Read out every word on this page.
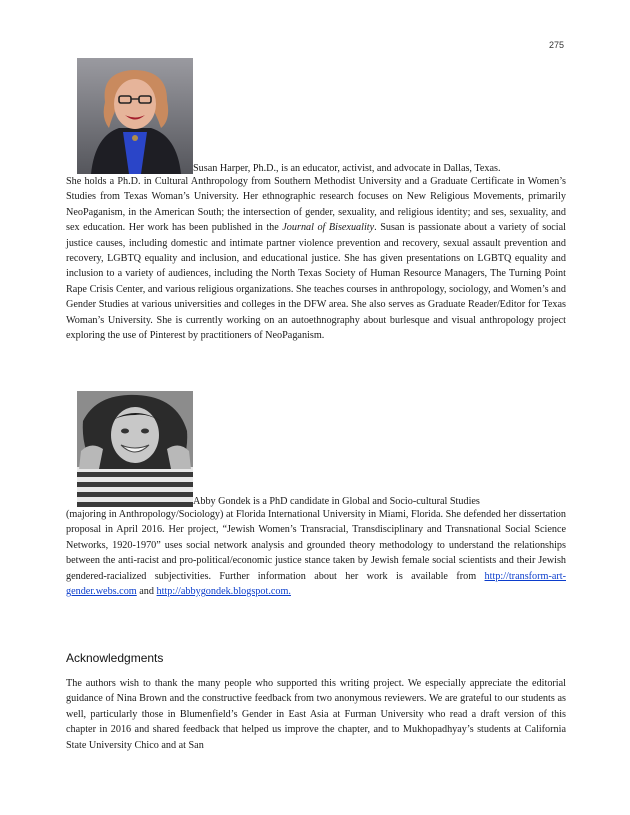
275
Susan Harper, Ph.D., is an educator, activist, and advocate in Dallas, Texas.

She holds a Ph.D. in Cultural Anthropology from Southern Methodist University and a Graduate Certificate in Women’s Studies from Texas Woman’s University. Her ethnographic research focuses on New Religious Movements, primarily NeoPaganism, in the American South; the intersection of gender, sexuality, and religious identity; and ses, sexuality, and sex education. Her work has been published in the Journal of Bisexuality. Susan is passionate about a variety of social justice causes, including domestic and intimate partner violence prevention and recovery, sexual assault prevention and recovery, LGBTQ equality and inclusion, and educational justice. She has given presentations on LGBTQ equality and inclusion to a variety of audiences, including the North Texas Society of Human Resource Managers, The Turning Point Rape Crisis Center, and various religious organizations. She teaches courses in anthropology, sociology, and Women’s and Gender Studies at various universities and colleges in the DFW area. She also serves as Graduate Reader/Editor for Texas Woman’s University. She is currently working on an autoethnography about burlesque and visual anthropology project exploring the use of Pinterest by practitioners of NeoPaganism.

Abby Gondek is a PhD candidate in Global and Socio-cultural Studies

(majoring in Anthropology/Sociology) at Florida International University in Miami, Florida. She defended her dissertation proposal in April 2016. Her project, “Jewish Women’s Transracial, Transdisciplinary and Transnational Social Science Networks, 1920-1970” uses social network analysis and grounded theory methodology to understand the relationships between the anti-racist and pro-political/economic justice stance taken by Jewish female social scientists and their Jewish gendered-racialized subjectivities. Further information about her work is available from http://transform-art-gender.webs.com and http://abbygondek.blogspot.com.

Acknowledgments

The authors wish to thank the many people who supported this writing project. We especially appreciate the editorial guidance of Nina Brown and the constructive feedback from two anonymous reviewers. We are grateful to our students as well, particularly those in Blumenfield’s Gender in East Asia at Furman University who read a draft version of this chapter in 2016 and shared feedback that helped us improve the chapter, and to Mukhopadhyay’s students at California State University Chico and at San
